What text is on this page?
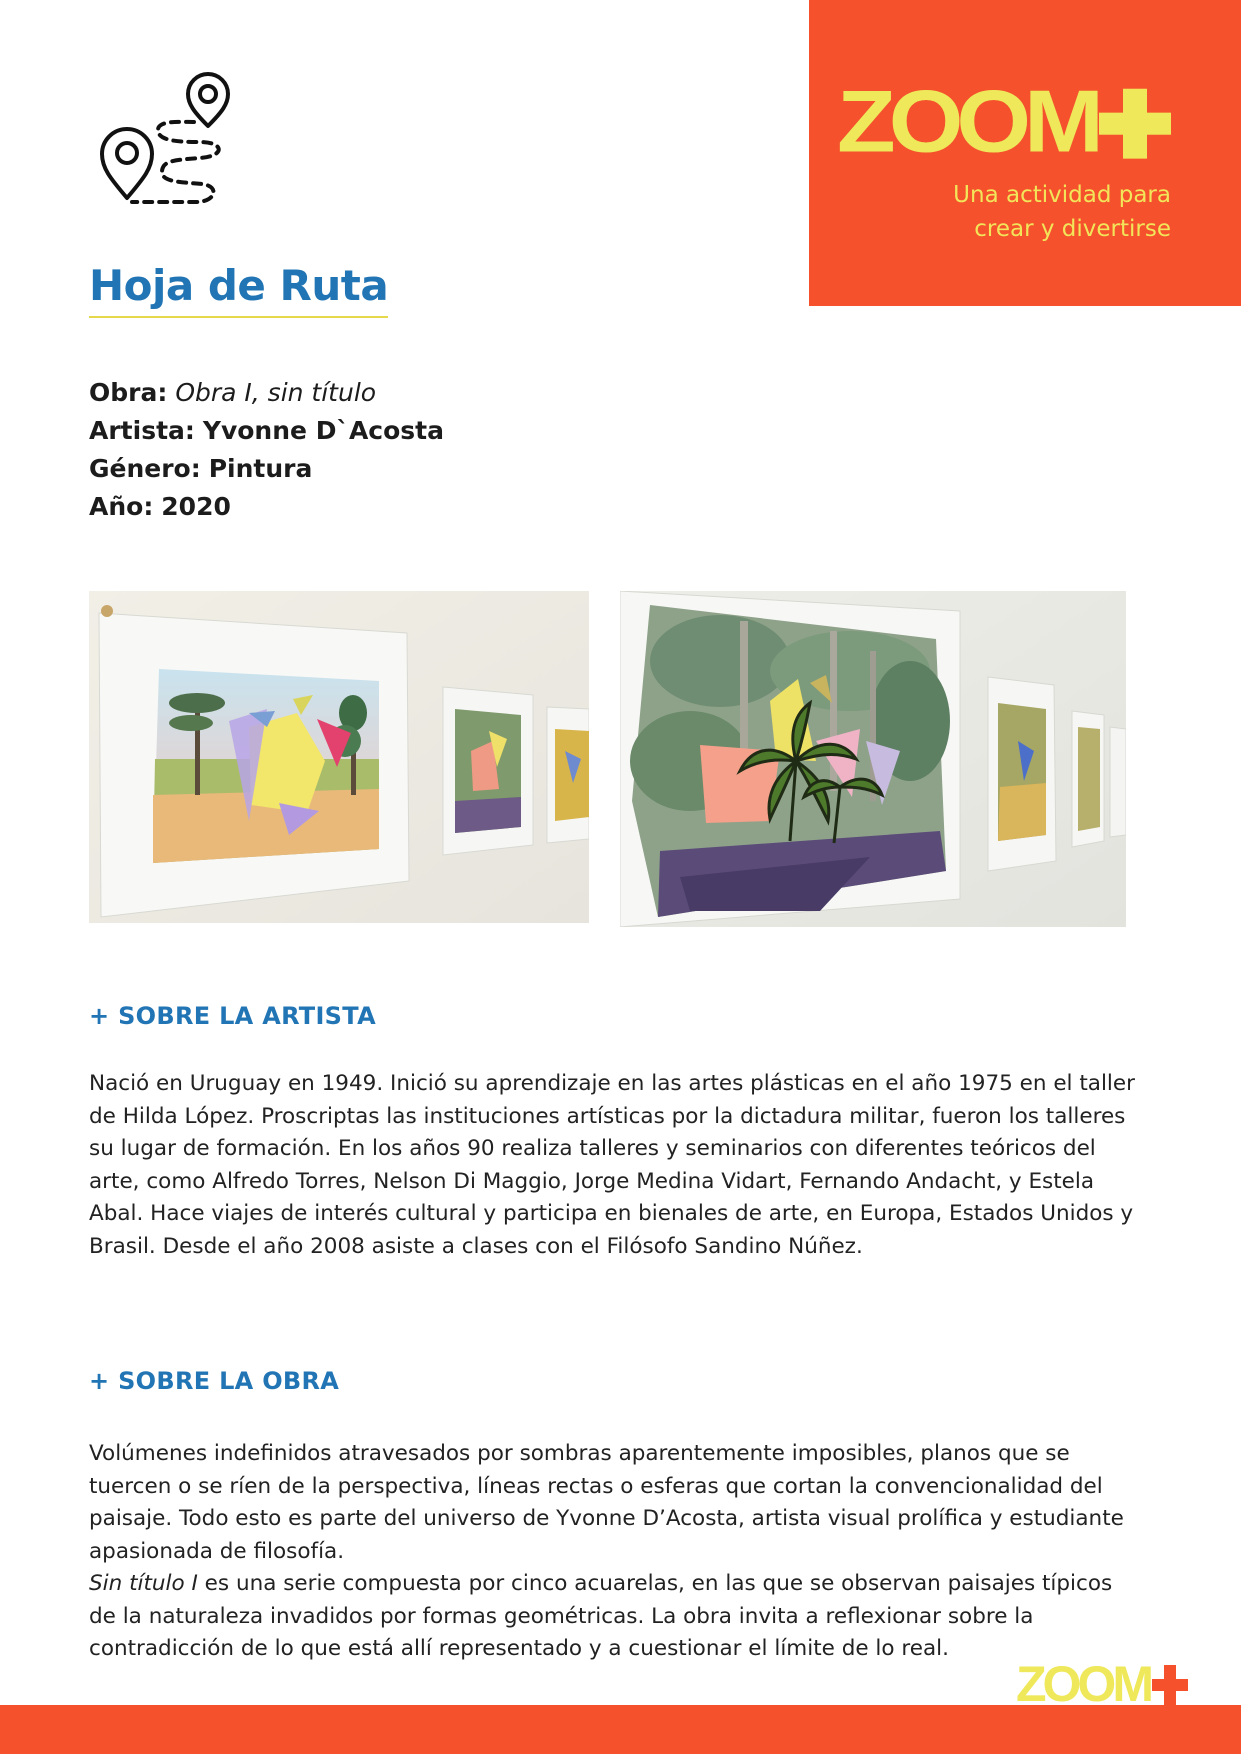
ZOOM
Una actividad para
crear y divertirse
Hoja de Ruta
Obra: Obra I, sin título
Artista: Yvonne D`Acosta
Género: Pintura
Año: 2020
+ SOBRE LA ARTISTA

Nació en Uruguay en 1949. Inició su aprendizaje en las artes plásticas en el año 1975 en el taller de Hilda López. Proscriptas las instituciones artísticas por la dictadura militar, fueron los talleres su lugar de formación. En los años 90 realiza talleres y seminarios con diferentes teóricos del arte, como Alfredo Torres, Nelson Di Maggio, Jorge Medina Vidart, Fernando Andacht, y Estela Abal. Hace viajes de interés cultural y participa en bienales de arte, en Europa, Estados Unidos y Brasil. Desde el año 2008 asiste a clases con el Filósofo Sandino Núñez.

+ SOBRE LA OBRA
Volúmenes indefinidos atravesados por sombras aparentemente imposibles, planos que se tuercen o se ríen de la perspectiva, líneas rectas o esferas que cortan la convencionalidad del paisaje. Todo esto es parte del universo de Yvonne D’Acosta, artista visual prolífica y estudiante apasionada de filosofía.
Sin título I es una serie compuesta por cinco acuarelas, en las que se observan paisajes típicos de la naturaleza invadidos por formas geométricas. La obra invita a reflexionar sobre la contradicción de lo que está allí representado y a cuestionar el límite de lo real.
ZOOM
